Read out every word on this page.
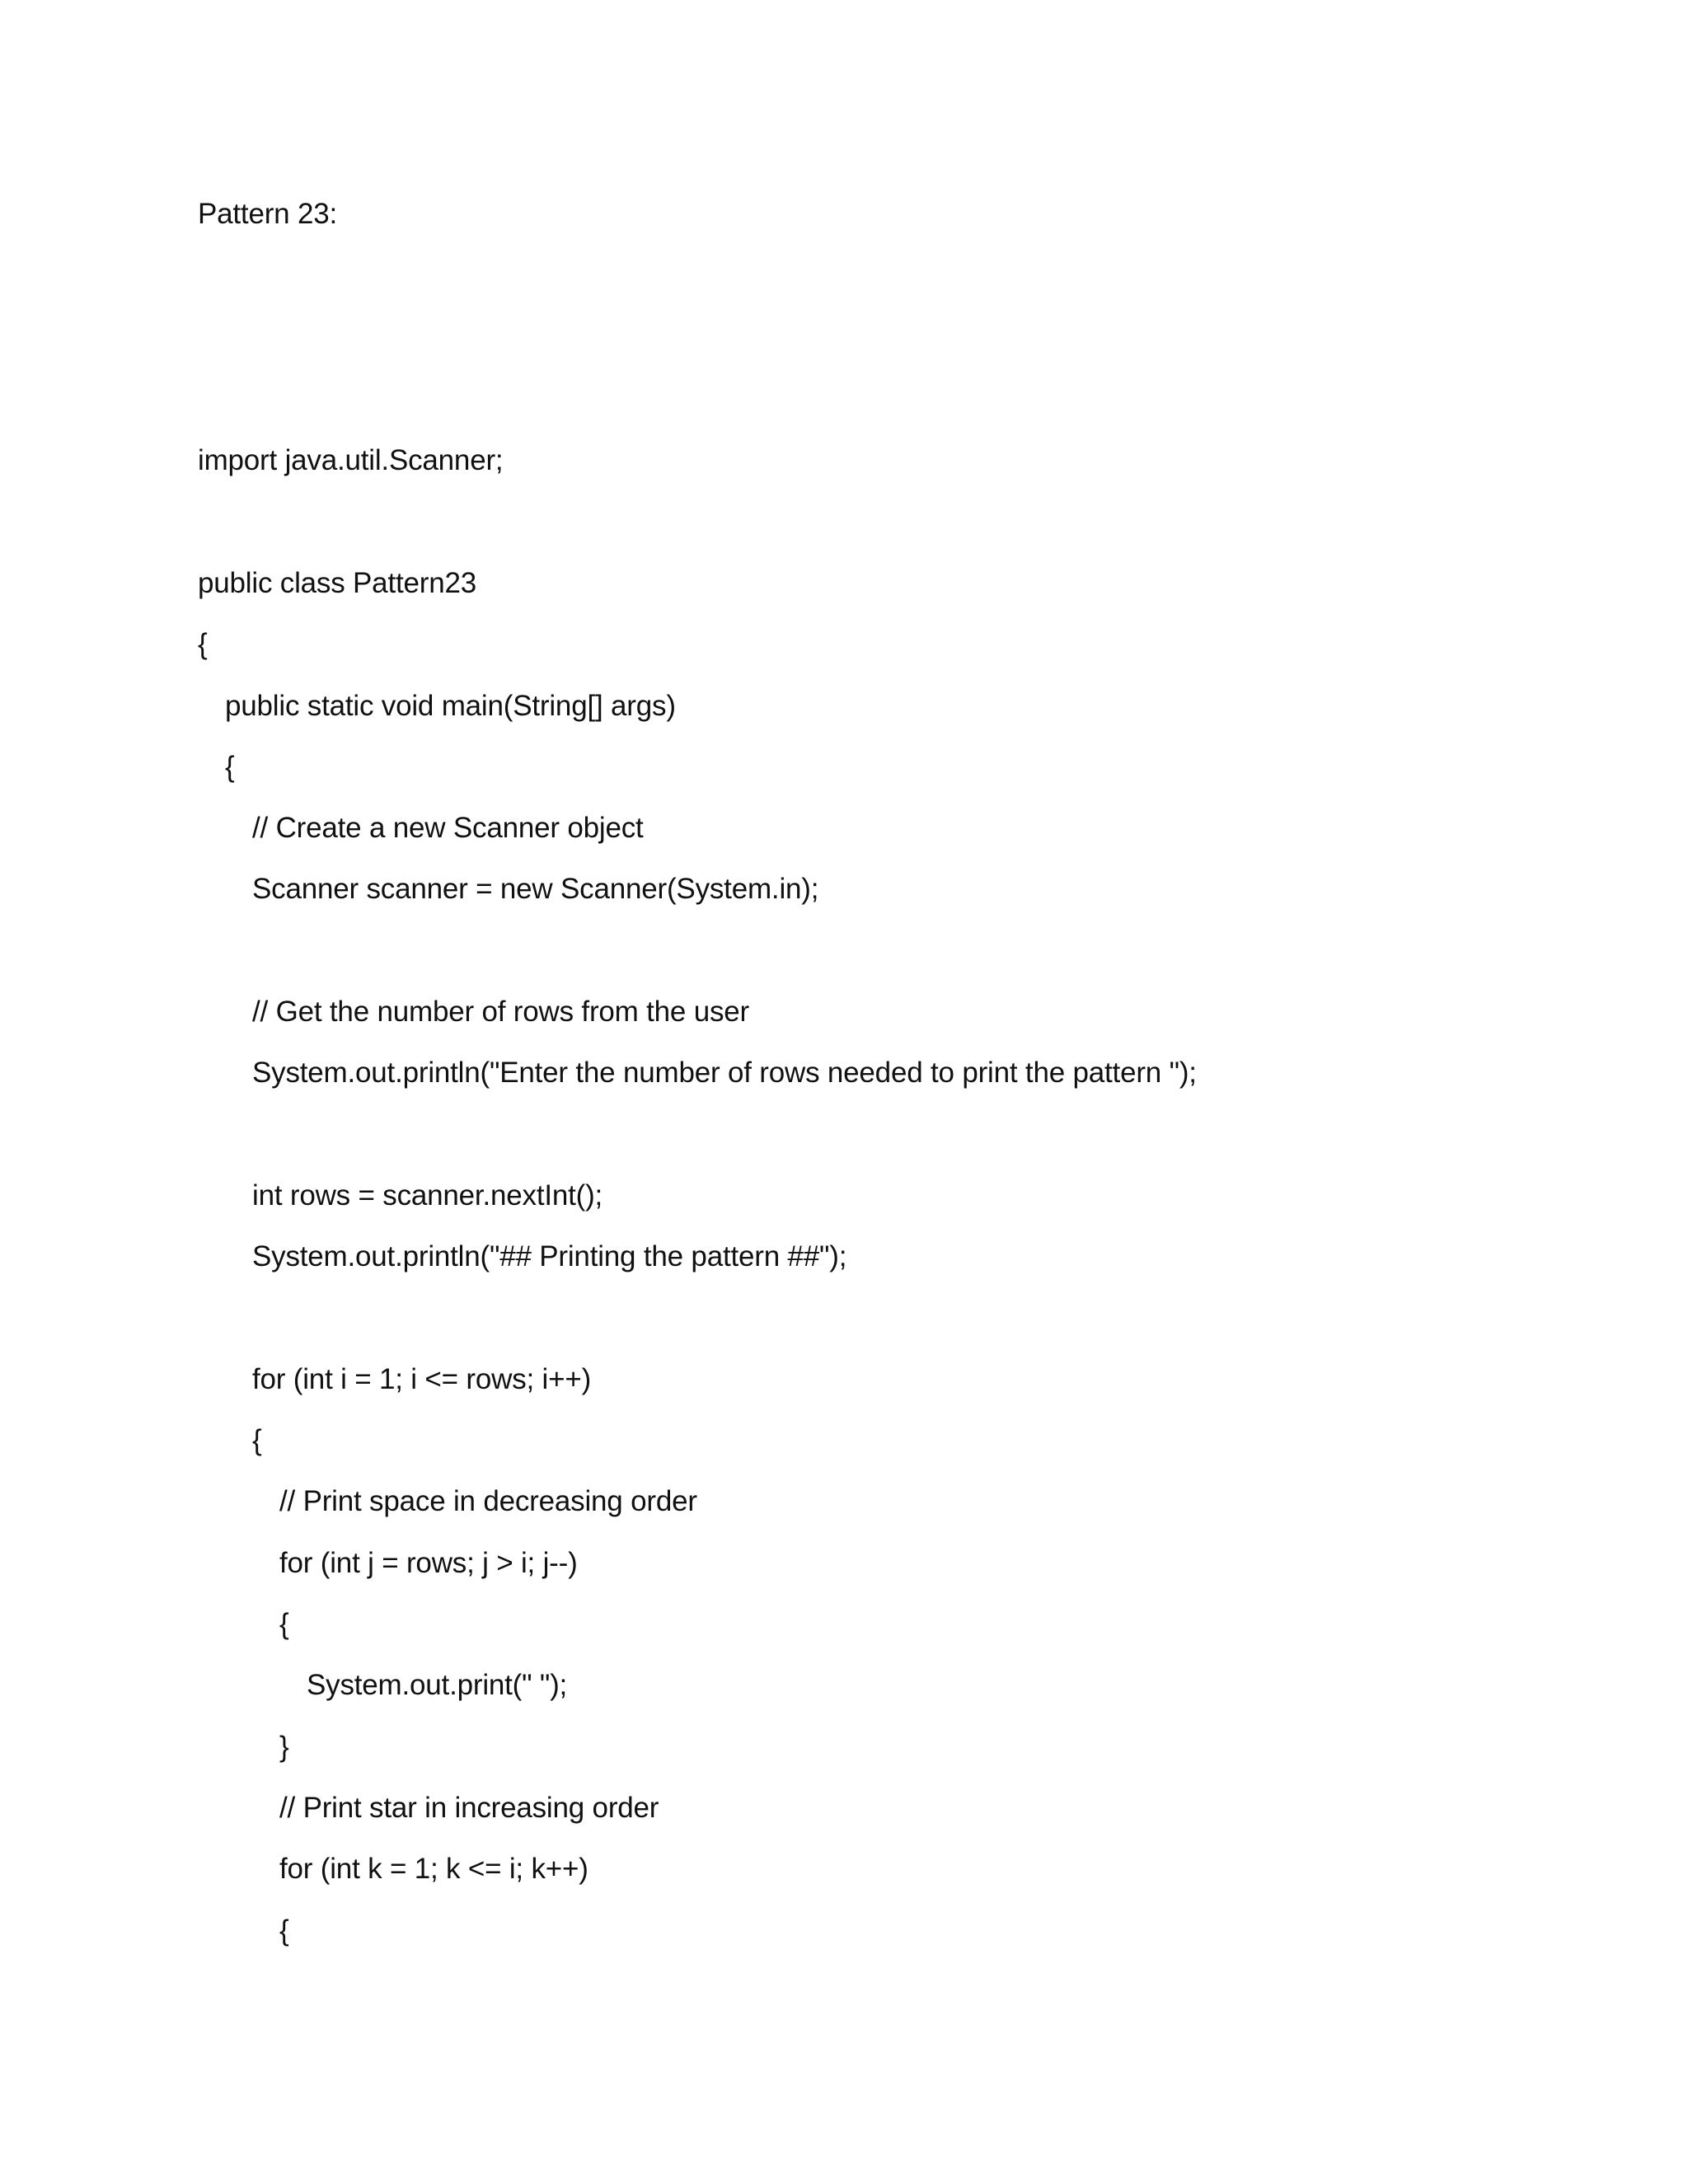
Pattern 23:
import java.util.Scanner;
public class Pattern23
{
public static void main(String[] args)
{
// Create a new Scanner object
Scanner scanner = new Scanner(System.in);
// Get the number of rows from the user
System.out.println("Enter the number of rows needed to print the pattern ");
int rows = scanner.nextInt();
System.out.println("## Printing the pattern ##");
for (int i = 1; i <= rows; i++)
{
// Print space in decreasing order
for (int j = rows; j > i; j--)
{
System.out.print(" ");
}
// Print star in increasing order
for (int k = 1; k <= i; k++)
{
